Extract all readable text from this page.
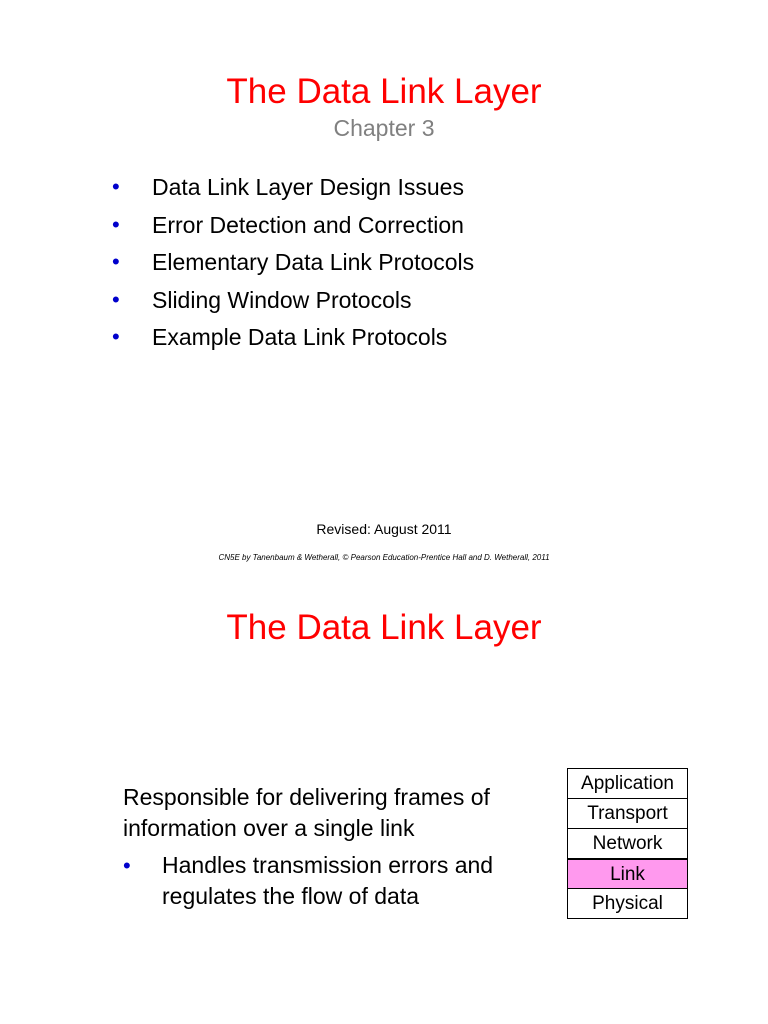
The Data Link Layer
Chapter 3
• Data Link Layer Design Issues
• Error Detection and Correction
• Elementary Data Link Protocols
• Sliding Window Protocols
• Example Data Link Protocols
Revised: August 2011
CN5E by Tanenbaum & Wetherall, © Pearson Education-Prentice Hall and D. Wetherall, 2011
The Data Link Layer
Responsible for delivering frames of information over a single link
• Handles transmission errors and regulates the flow of data
Application
Transport
Network
Link
Physical
